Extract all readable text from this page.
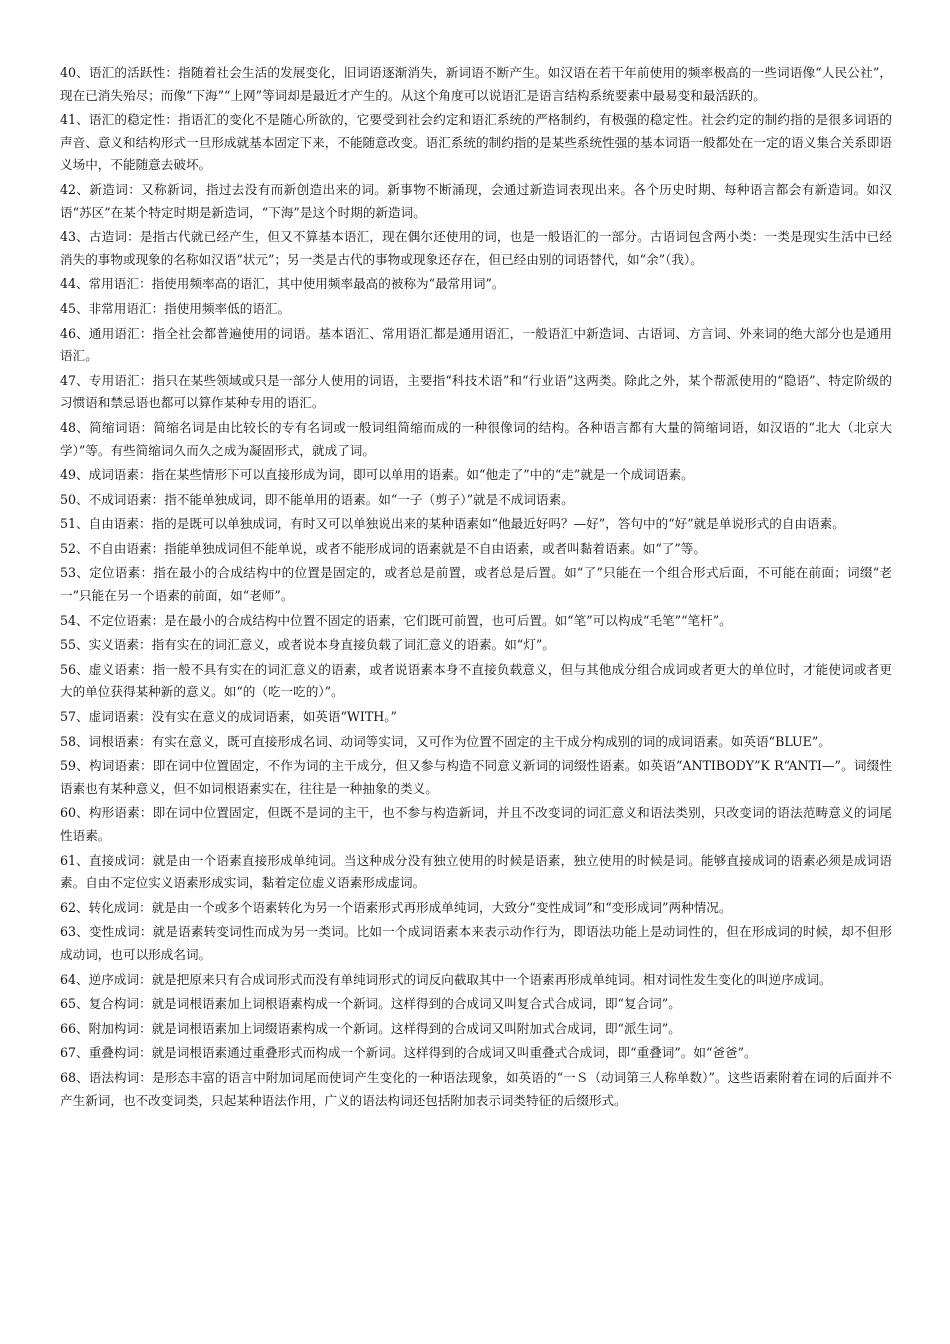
40、语汇的活跃性：指随着社会生活的发展变化，旧词语逐渐消失，新词语不断产生。如汉语在若干年前使用的频率极高的一些词语像“人民公社”，现在已消失殆尽；而像“下海”“上网”等词却是最近才产生的。从这个角度可以说语汇是语言结构系统要素中最易变和最活跃的。

41、语汇的稳定性：指语汇的变化不是随心所欲的，它要受到社会约定和语汇系统的严格制约，有极强的稳定性。社会约定的制约指的是很多词语的声音、意义和结构形式一旦形成就基本固定下来，不能随意改变。语汇系统的制约指的是某些系统性强的基本词语一般都处在一定的语义集合关系即语义场中，不能随意去破坏。

42、新造词：又称新词，指过去没有而新创造出来的词。新事物不断涌现，会通过新造词表现出来。各个历史时期、每种语言都会有新造词。如汉语“苏区”在某个特定时期是新造词，“下海”是这个时期的新造词。

43、古造词：是指古代就已经产生，但又不算基本语汇，现在偶尔还使用的词，也是一般语汇的一部分。古语词包含两小类：一类是现实生活中已经消失的事物或现象的名称如汉语“状元”；另一类是古代的事物或现象还存在，但已经由别的词语替代，如“余”（我）。

44、常用语汇：指使用频率高的语汇，其中使用频率最高的被称为“最常用词”。

45、非常用语汇：指使用频率低的语汇。

46、通用语汇：指全社会都普遍使用的词语。基本语汇、常用语汇都是通用语汇，一般语汇中新造词、古语词、方言词、外来词的绝大部分也是通用语汇。

47、专用语汇：指只在某些领域或只是一部分人使用的词语，主要指“科技术语”和“行业语”这两类。除此之外，某个帮派使用的“隐语”、特定阶级的习惯语和禁忌语也都可以算作某种专用的语汇。

48、简缩词语：简缩名词是由比较长的专有名词或一般词组简缩而成的一种很像词的结构。各种语言都有大量的简缩词语，如汉语的“北大（北京大学）”等。有些简缩词久而久之成为凝固形式，就成了词。

49、成词语素：指在某些情形下可以直接形成为词，即可以单用的语素。如“他走了”中的“走”就是一个成词语素。

50、不成词语素：指不能单独成词，即不能单用的语素。如“一子（剪子）”就是不成词语素。

51、自由语素：指的是既可以单独成词，有时又可以单独说出来的某种语素如“他最近好吗？—好”，答句中的“好”就是单说形式的自由语素。

52、不自由语素：指能单独成词但不能单说，或者不能形成词的语素就是不自由语素，或者叫黏着语素。如“了”等。

53、定位语素：指在最小的合成结构中的位置是固定的，或者总是前置，或者总是后置。如“了”只能在一个组合形式后面，不可能在前面；词缀“老一”只能在另一个语素的前面，如“老师”。

54、不定位语素：是在最小的合成结构中位置不固定的语素，它们既可前置，也可后置。如“笔”可以构成“毛笔”“笔杆”。

55、实义语素：指有实在的词汇意义，或者说本身直接负载了词汇意义的语素。如“灯”。

56、虚义语素：指一般不具有实在的词汇意义的语素，或者说语素本身不直接负载意义，但与其他成分组合成词或者更大的单位时，才能使词或者更大的单位获得某种新的意义。如“的（吃一吃的）”。

57、虚词语素：没有实在意义的成词语素，如英语“WITH。”

58、词根语素：有实在意义，既可直接形成名词、动词等实词，又可作为位置不固定的主干成分构成别的词的成词语素。如英语“BLUE”。

59、构词语素：即在词中位置固定，不作为词的主干成分，但又参与构造不同意义新词的词缀性语素。如英语“ANTIBODY”K R“ANTI—”。词缀性语素也有某种意义，但不如词根语素实在，往往是一种抽象的类义。

60、构形语素：即在词中位置固定，但既不是词的主干，也不参与构造新词，并且不改变词的词汇意义和语法类别，只改变词的语法范畴意义的词尾性语素。

61、直接成词：就是由一个语素直接形成单纯词。当这种成分没有独立使用的时候是语素，独立使用的时候是词。能够直接成词的语素必须是成词语素。自由不定位实义语素形成实词，黏着定位虚义语素形成虚词。

62、转化成词：就是由一个或多个语素转化为另一个语素形式再形成单纯词，大致分“变性成词”和“变形成词”两种情况。

63、变性成词：就是语素转变词性而成为另一类词。比如一个成词语素本来表示动作行为，即语法功能上是动词性的，但在形成词的时候，却不但形成动词，也可以形成名词。

64、逆序成词：就是把原来只有合成词形式而没有单纯词形式的词反向截取其中一个语素再形成单纯词。相对词性发生变化的叫逆序成词。

65、复合构词：就是词根语素加上词根语素构成一个新词。这样得到的合成词又叫复合式合成词，即“复合词”。

66、附加构词：就是词根语素加上词缀语素构成一个新词。这样得到的合成词又叫附加式合成词，即“派生词”。

67、重叠构词：就是词根语素通过重叠形式而构成一个新词。这样得到的合成词又叫重叠式合成词，即“重叠词”。如“爸爸”。

68、语法构词：是形态丰富的语言中附加词尾而使词产生变化的一种语法现象，如英语的“一Ｓ（动词第三人称单数）”。这些语素附着在词的后面并不产生新词，也不改变词类，只起某种语法作用，广义的语法构词还包括附加表示词类特征的后缀形式。
